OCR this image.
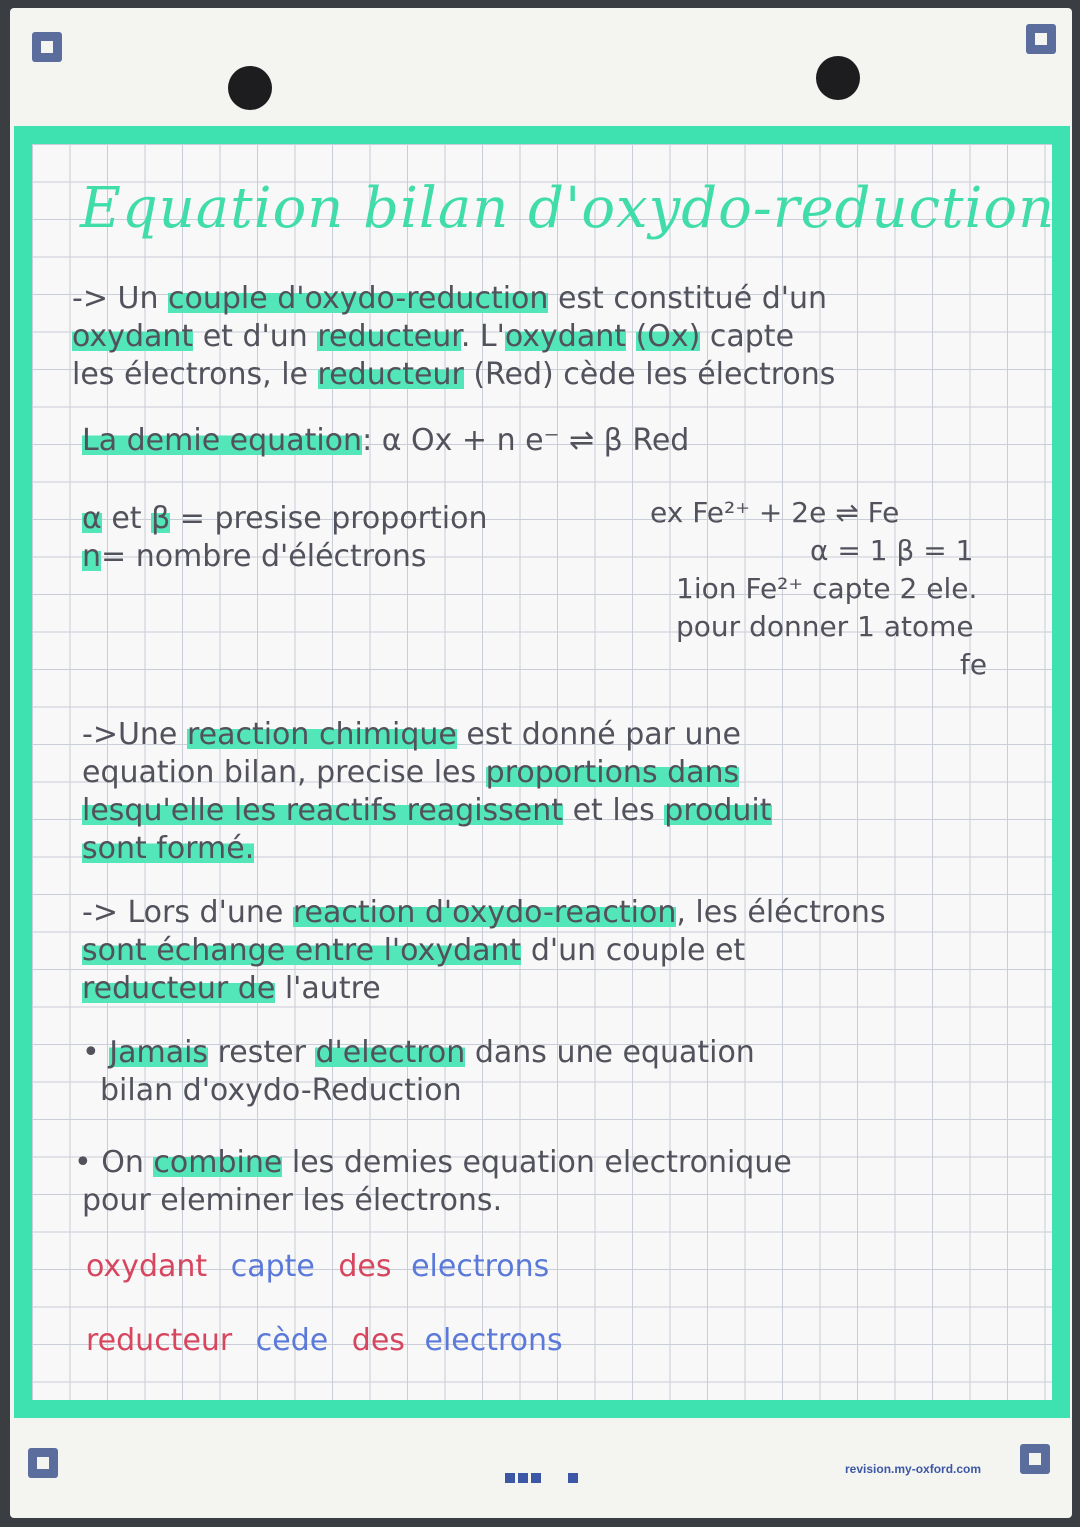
Equation bilan d'oxydo-reduction
-> Un couple d'oxydo-reduction est constitué d'un
oxydant et d'un reducteur. L'oxydant (Ox) capte
les électrons, le reducteur (Red) cède les électrons
La demie equation: α Ox + n e⁻ ⇌ β Red
α et β = presise proportion
n= nombre d'éléctrons
ex Fe²⁺ + 2e ⇌ Fe
α = 1 β = 1
1ion Fe²⁺ capte 2 ele.
pour donner 1 atome
fe
->Une reaction chimique est donné par une
equation bilan, precise les proportions dans
lesqu'elle les reactifs reagissent et les produit
sont formé.
-> Lors d'une reaction d'oxydo-reaction, les éléctrons
sont échange entre l'oxydant d'un couple et
reducteur de l'autre
• Jamais rester d'electron dans une equation
bilan d'oxydo-Reduction
• On combine les demies equation electronique
pour eleminer les électrons.
oxydant capte des electrons
reducteur cède des electrons
revision.my-oxford.com
